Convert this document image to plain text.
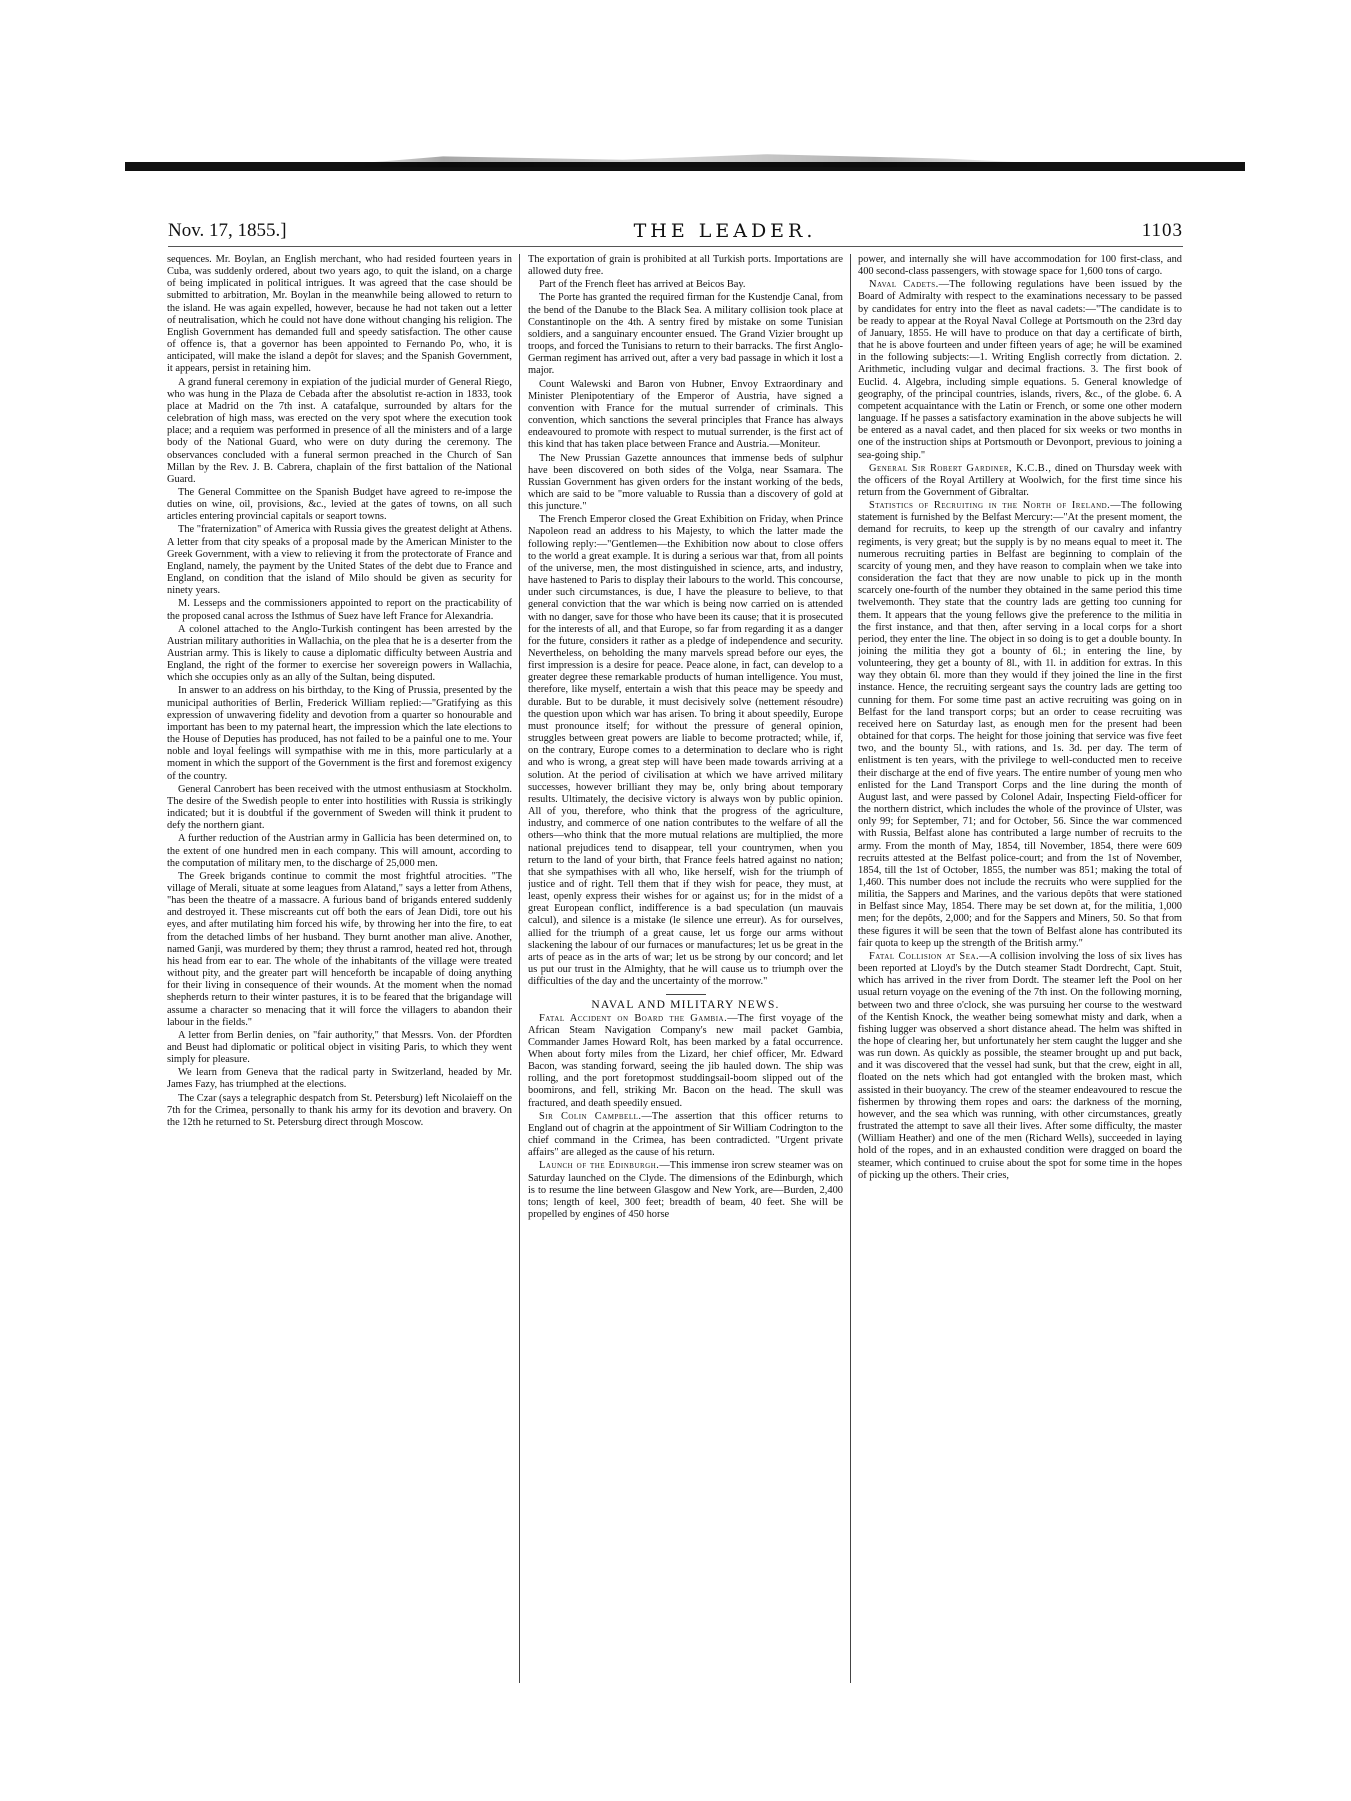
Nov. 17, 1855.]	THE LEADER.	1103

sequences. Mr. Boylan, an English merchant, who had resided fourteen years in Cuba, was suddenly ordered, about two years ago, to quit the island, on a charge of being implicated in political intrigues. It was agreed that the case should be submitted to arbitration, Mr. Boylan in the meanwhile being allowed to return to the island. He was again expelled, however, because he had not taken out a letter of neutralisation, which he could not have done without changing his religion. The English Government has demanded full and speedy satisfaction. The other cause of offence is, that a governor has been appointed to Fernando Po, who, it is anticipated, will make the island a depôt for slaves; and the Spanish Government, it appears, persist in retaining him.

A grand funeral ceremony in expiation of the judicial murder of General Riego, who was hung in the Plaza de Cebada after the absolutist re-action in 1833, took place at Madrid on the 7th inst. A catafalque, surrounded by altars for the celebration of high mass, was erected on the very spot where the execution took place; and a requiem was performed in presence of all the ministers and of a large body of the National Guard, who were on duty during the ceremony. The observances concluded with a funeral sermon preached in the Church of San Millan by the Rev. J. B. Cabrera, chaplain of the first battalion of the National Guard.

The General Committee on the Spanish Budget have agreed to re-impose the duties on wine, oil, provisions, &c., levied at the gates of towns, on all such articles entering provincial capitals or seaport towns.

The "fraternization" of America with Russia gives the greatest delight at Athens. A letter from that city speaks of a proposal made by the American Minister to the Greek Government, with a view to relieving it from the protectorate of France and England, namely, the payment by the United States of the debt due to France and England, on condition that the island of Milo should be given as security for ninety years.

M. Lesseps and the commissioners appointed to report on the practicability of the proposed canal across the Isthmus of Suez have left France for Alexandria.

A colonel attached to the Anglo-Turkish contingent has been arrested by the Austrian military authorities in Wallachia, on the plea that he is a deserter from the Austrian army. This is likely to cause a diplomatic difficulty between Austria and England, the right of the former to exercise her sovereign powers in Wallachia, which she occupies only as an ally of the Sultan, being disputed.

In answer to an address on his birthday, to the King of Prussia, presented by the municipal authorities of Berlin, Frederick William replied:—"Gratifying as this expression of unwavering fidelity and devotion from a quarter so honourable and important has been to my paternal heart, the impression which the late elections to the House of Deputies has produced, has not failed to be a painful one to me. Your noble and loyal feelings will sympathise with me in this, more particularly at a moment in which the support of the Government is the first and foremost exigency of the country.

General Canrobert has been received with the utmost enthusiasm at Stockholm. The desire of the Swedish people to enter into hostilities with Russia is strikingly indicated; but it is doubtful if the government of Sweden will think it prudent to defy the northern giant.

A further reduction of the Austrian army in Gallicia has been determined on, to the extent of one hundred men in each company. This will amount, according to the computation of military men, to the discharge of 25,000 men.

The Greek brigands continue to commit the most frightful atrocities. "The village of Merali, situate at some leagues from Alatand," says a letter from Athens, "has been the theatre of a massacre. A furious band of brigands entered suddenly and destroyed it. These miscreants cut off both the ears of Jean Didi, tore out his eyes, and after mutilating him forced his wife, by throwing her into the fire, to eat from the detached limbs of her husband. They burnt another man alive. Another, named Ganji, was murdered by them; they thrust a ramrod, heated red hot, through his head from ear to ear. The whole of the inhabitants of the village were treated without pity, and the greater part will henceforth be incapable of doing anything for their living in consequence of their wounds. At the moment when the nomad shepherds return to their winter pastures, it is to be feared that the brigandage will assume a character so menacing that it will force the villagers to abandon their labour in the fields."

A letter from Berlin denies, on "fair authority," that Messrs. Von. der Pfordten and Beust had diplomatic or political object in visiting Paris, to which they went simply for pleasure.

We learn from Geneva that the radical party in Switzerland, headed by Mr. James Fazy, has triumphed at the elections.

The Czar (says a telegraphic despatch from St. Petersburg) left Nicolaieff on the 7th for the Crimea, personally to thank his army for its devotion and bravery. On the 12th he returned to St. Petersburg direct through Moscow.

The exportation of grain is prohibited at all Turkish ports. Importations are allowed duty free.

Part of the French fleet has arrived at Beicos Bay.

The Porte has granted the required firman for the Kustendje Canal, from the bend of the Danube to the Black Sea. A military collision took place at Constantinople on the 4th. A sentry fired by mistake on some Tunisian soldiers, and a sanguinary encounter ensued. The Grand Vizier brought up troops, and forced the Tunisians to return to their barracks. The first Anglo-German regiment has arrived out, after a very bad passage in which it lost a major.

Count Walewski and Baron von Hubner, Envoy Extraordinary and Minister Plenipotentiary of the Emperor of Austria, have signed a convention with France for the mutual surrender of criminals. This convention, which sanctions the several principles that France has always endeavoured to promote with respect to mutual surrender, is the first act of this kind that has taken place between France and Austria.—Moniteur.

The New Prussian Gazette announces that immense beds of sulphur have been discovered on both sides of the Volga, near Ssamara. The Russian Government has given orders for the instant working of the beds, which are said to be "more valuable to Russia than a discovery of gold at this juncture."

The French Emperor closed the Great Exhibition on Friday, when Prince Napoleon read an address to his Majesty, to which the latter made the following reply:—"Gentlemen—the Exhibition now about to close offers to the world a great example. It is during a serious war that, from all points of the universe, men, the most distinguished in science, arts, and industry, have hastened to Paris to display their labours to the world. This concourse, under such circumstances, is due, I have the pleasure to believe, to that general conviction that the war which is being now carried on is attended with no danger, save for those who have been its cause; that it is prosecuted for the interests of all, and that Europe, so far from regarding it as a danger for the future, considers it rather as a pledge of independence and security. Nevertheless, on beholding the many marvels spread before our eyes, the first impression is a desire for peace. Peace alone, in fact, can develop to a greater degree these remarkable products of human intelligence. You must, therefore, like myself, entertain a wish that this peace may be speedy and durable. But to be durable, it must decisively solve (nettement résoudre) the question upon which war has arisen. To bring it about speedily, Europe must pronounce itself; for without the pressure of general opinion, struggles between great powers are liable to become protracted; while, if, on the contrary, Europe comes to a determination to declare who is right and who is wrong, a great step will have been made towards arriving at a solution. At the period of civilisation at which we have arrived military successes, however brilliant they may be, only bring about temporary results. Ultimately, the decisive victory is always won by public opinion. All of you, therefore, who think that the progress of the agriculture, industry, and commerce of one nation contributes to the welfare of all the others—who think that the more mutual relations are multiplied, the more national prejudices tend to disappear, tell your countrymen, when you return to the land of your birth, that France feels hatred against no nation; that she sympathises with all who, like herself, wish for the triumph of justice and of right. Tell them that if they wish for peace, they must, at least, openly express their wishes for or against us; for in the midst of a great European conflict, indifference is a bad speculation (un mauvais calcul), and silence is a mistake (le silence une erreur). As for ourselves, allied for the triumph of a great cause, let us forge our arms without slackening the labour of our furnaces or manufactures; let us be great in the arts of peace as in the arts of war; let us be strong by our concord; and let us put our trust in the Almighty, that he will cause us to triumph over the difficulties of the day and the uncertainty of the morrow."

NAVAL AND MILITARY NEWS.

Fatal Accident on Board the Gambia.—The first voyage of the African Steam Navigation Company's new mail packet Gambia, Commander James Howard Rolt, has been marked by a fatal occurrence. When about forty miles from the Lizard, her chief officer, Mr. Edward Bacon, was standing forward, seeing the jib hauled down. The ship was rolling, and the port foretopmost studdingsail-boom slipped out of the boomirons, and fell, striking Mr. Bacon on the head. The skull was fractured, and death speedily ensued.

Sir Colin Campbell.—The assertion that this officer returns to England out of chagrin at the appointment of Sir William Codrington to the chief command in the Crimea, has been contradicted. "Urgent private affairs" are alleged as the cause of his return.

Launch of the Edinburgh.—This immense iron screw steamer was on Saturday launched on the Clyde. The dimensions of the Edinburgh, which is to resume the line between Glasgow and New York, are—Burden, 2,400 tons; length of keel, 300 feet; breadth of beam, 40 feet. She will be propelled by engines of 450 horse

power, and internally she will have accommodation for 100 first-class, and 400 second-class passengers, with stowage space for 1,600 tons of cargo.

Naval Cadets.—The following regulations have been issued by the Board of Admiralty with respect to the examinations necessary to be passed by candidates for entry into the fleet as naval cadets:—"The candidate is to be ready to appear at the Royal Naval College at Portsmouth on the 23rd day of January, 1855. He will have to produce on that day a certificate of birth, that he is above fourteen and under fifteen years of age; he will be examined in the following subjects:—1. Writing English correctly from dictation. 2. Arithmetic, including vulgar and decimal fractions. 3. The first book of Euclid. 4. Algebra, including simple equations. 5. General knowledge of geography, of the principal countries, islands, rivers, &c., of the globe. 6. A competent acquaintance with the Latin or French, or some one other modern language. If he passes a satisfactory examination in the above subjects he will be entered as a naval cadet, and then placed for six weeks or two months in one of the instruction ships at Portsmouth or Devonport, previous to joining a sea-going ship."

General Sir Robert Gardiner, K.C.B., dined on Thursday week with the officers of the Royal Artillery at Woolwich, for the first time since his return from the Government of Gibraltar.

Statistics of Recruiting in the North of Ireland.—The following statement is furnished by the Belfast Mercury:—"At the present moment, the demand for recruits, to keep up the strength of our cavalry and infantry regiments, is very great; but the supply is by no means equal to meet it. The numerous recruiting parties in Belfast are beginning to complain of the scarcity of young men, and they have reason to complain when we take into consideration the fact that they are now unable to pick up in the month scarcely one-fourth of the number they obtained in the same period this time twelvemonth. They state that the country lads are getting too cunning for them. It appears that the young fellows give the preference to the militia in the first instance, and that then, after serving in a local corps for a short period, they enter the line. The object in so doing is to get a double bounty. In joining the militia they got a bounty of 6l.; in entering the line, by volunteering, they get a bounty of 8l., with 1l. in addition for extras. In this way they obtain 6l. more than they would if they joined the line in the first instance. Hence, the recruiting sergeant says the country lads are getting too cunning for them. For some time past an active recruiting was going on in Belfast for the land transport corps; but an order to cease recruiting was received here on Saturday last, as enough men for the present had been obtained for that corps. The height for those joining that service was five feet two, and the bounty 5l., with rations, and 1s. 3d. per day. The term of enlistment is ten years, with the privilege to well-conducted men to receive their discharge at the end of five years. The entire number of young men who enlisted for the Land Transport Corps and the line during the month of August last, and were passed by Colonel Adair, Inspecting Field-officer for the northern district, which includes the whole of the province of Ulster, was only 99; for September, 71; and for October, 56. Since the war commenced with Russia, Belfast alone has contributed a large number of recruits to the army. From the month of May, 1854, till November, 1854, there were 609 recruits attested at the Belfast police-court; and from the 1st of November, 1854, till the 1st of October, 1855, the number was 851; making the total of 1,460. This number does not include the recruits who were supplied for the militia, the Sappers and Marines, and the various depôts that were stationed in Belfast since May, 1854. There may be set down at, for the militia, 1,000 men; for the depôts, 2,000; and for the Sappers and Miners, 50. So that from these figures it will be seen that the town of Belfast alone has contributed its fair quota to keep up the strength of the British army."

Fatal Collision at Sea.—A collision involving the loss of six lives has been reported at Lloyd's by the Dutch steamer Stadt Dordrecht, Capt. Stuit, which has arrived in the river from Dordt. The steamer left the Pool on her usual return voyage on the evening of the 7th inst. On the following morning, between two and three o'clock, she was pursuing her course to the westward of the Kentish Knock, the weather being somewhat misty and dark, when a fishing lugger was observed a short distance ahead. The helm was shifted in the hope of clearing her, but unfortunately her stem caught the lugger and she was run down. As quickly as possible, the steamer brought up and put back, and it was discovered that the vessel had sunk, but that the crew, eight in all, floated on the nets which had got entangled with the broken mast, which assisted in their buoyancy. The crew of the steamer endeavoured to rescue the fishermen by throwing them ropes and oars: the darkness of the morning, however, and the sea which was running, with other circumstances, greatly frustrated the attempt to save all their lives. After some difficulty, the master (William Heather) and one of the men (Richard Wells), succeeded in laying hold of the ropes, and in an exhausted condition were dragged on board the steamer, which continued to cruise about the spot for some time in the hopes of picking up the others. Their cries,
